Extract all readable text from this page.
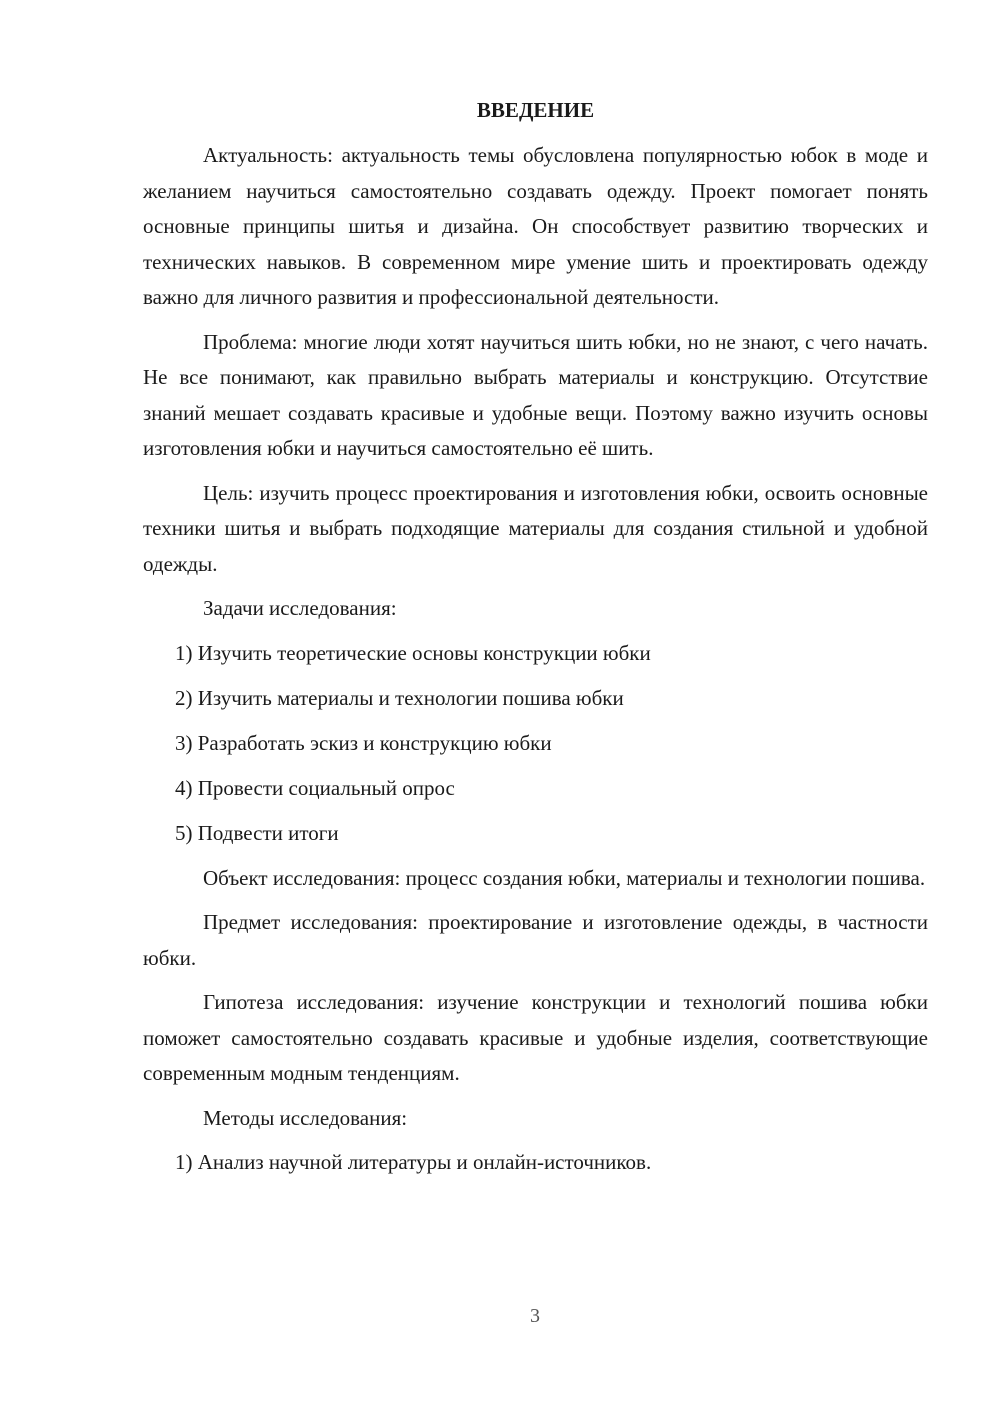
ВВЕДЕНИЕ

Актуальность: актуальность темы обусловлена популярностью юбок в моде и желанием научиться самостоятельно создавать одежду. Проект помогает понять основные принципы шитья и дизайна. Он способствует развитию творческих и технических навыков. В современном мире умение шить и проектировать одежду важно для личного развития и профессиональной деятельности.

Проблема: многие люди хотят научиться шить юбки, но не знают, с чего начать. Не все понимают, как правильно выбрать материалы и конструкцию. Отсутствие знаний мешает создавать красивые и удобные вещи. Поэтому важно изучить основы изготовления юбки и научиться самостоятельно её шить.

Цель: изучить процесс проектирования и изготовления юбки, освоить основные техники шитья и выбрать подходящие материалы для создания стильной и удобной одежды.

Задачи исследования:
1) Изучить теоретические основы конструкции юбки
2) Изучить материалы и технологии пошива юбки
3) Разработать эскиз и конструкцию юбки
4) Провести социальный опрос
5) Подвести итоги

Объект исследования: процесс создания юбки, материалы и технологии пошива.

Предмет исследования: проектирование и изготовление одежды, в частности юбки.

Гипотеза исследования: изучение конструкции и технологий пошива юбки поможет самостоятельно создавать красивые и удобные изделия, соответствующие современным модным тенденциям.

Методы исследования:
1) Анализ научной литературы и онлайн-источников.
3
